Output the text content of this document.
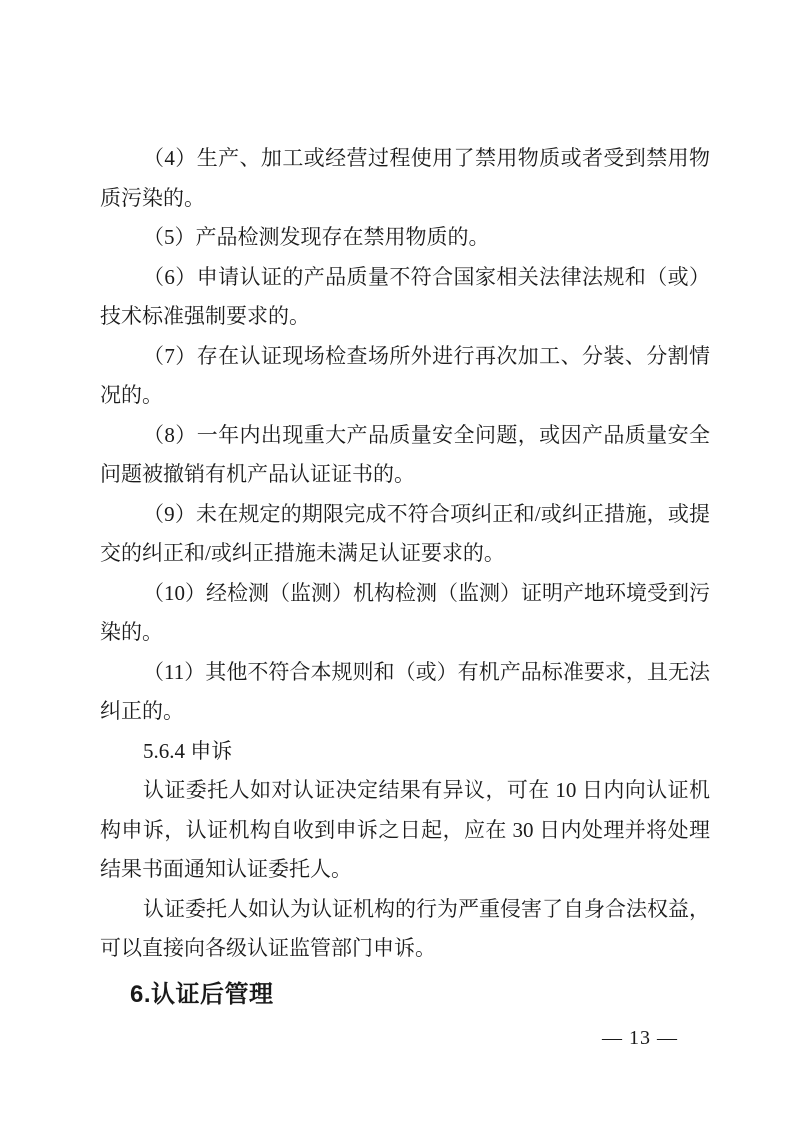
（4）生产、加工或经营过程使用了禁用物质或者受到禁用物
质污染的。
（5）产品检测发现存在禁用物质的。
（6）申请认证的产品质量不符合国家相关法律法规和（或）
技术标准强制要求的。
（7）存在认证现场检查场所外进行再次加工、分装、分割情
况的。
（8）一年内出现重大产品质量安全问题，或因产品质量安全
问题被撤销有机产品认证证书的。
（9）未在规定的期限完成不符合项纠正和/或纠正措施，或提
交的纠正和/或纠正措施未满足认证要求的。
（10）经检测（监测）机构检测（监测）证明产地环境受到污
染的。
（11）其他不符合本规则和（或）有机产品标准要求，且无法
纠正的。
5.6.4 申诉
认证委托人如对认证决定结果有异议，可在 10 日内向认证机
构申诉，认证机构自收到申诉之日起，应在 30 日内处理并将处理
结果书面通知认证委托人。
认证委托人如认为认证机构的行为严重侵害了自身合法权益，
可以直接向各级认证监管部门申诉。
6.认证后管理
— 13 —
